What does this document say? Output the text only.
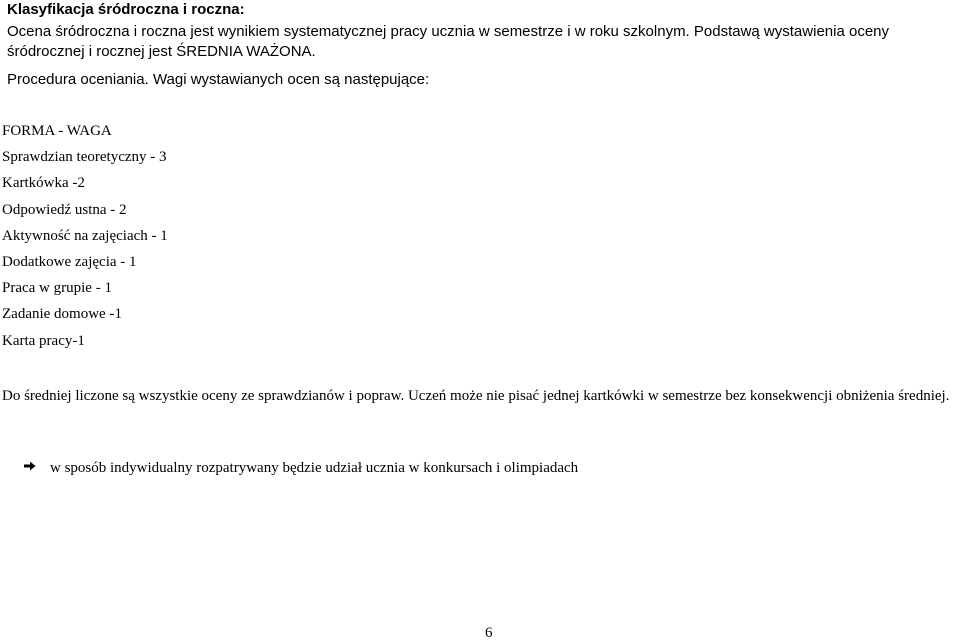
Klasyfikacja śródroczna i roczna:

Ocena śródroczna i roczna jest wynikiem systematycznej pracy ucznia w semestrze i w roku szkolnym. Podstawą wystawienia oceny śródrocznej i rocznej jest ŚREDNIA WAŻONA.

Procedura oceniania. Wagi wystawianych ocen są następujące:
FORMA - WAGA
Sprawdzian teoretyczny - 3
Kartkówka -2
Odpowiedź ustna - 2
Aktywność na zajęciach - 1
Dodatkowe zajęcia - 1
Praca w grupie - 1
Zadanie domowe -1
Karta pracy-1

Do średniej liczone są wszystkie oceny ze sprawdzianów i popraw. Uczeń może nie pisać jednej kartkówki w semestrze bez konsekwencji obniżenia średniej.

w sposób indywidualny rozpatrywany będzie udział ucznia w konkursach i olimpiadach
6
